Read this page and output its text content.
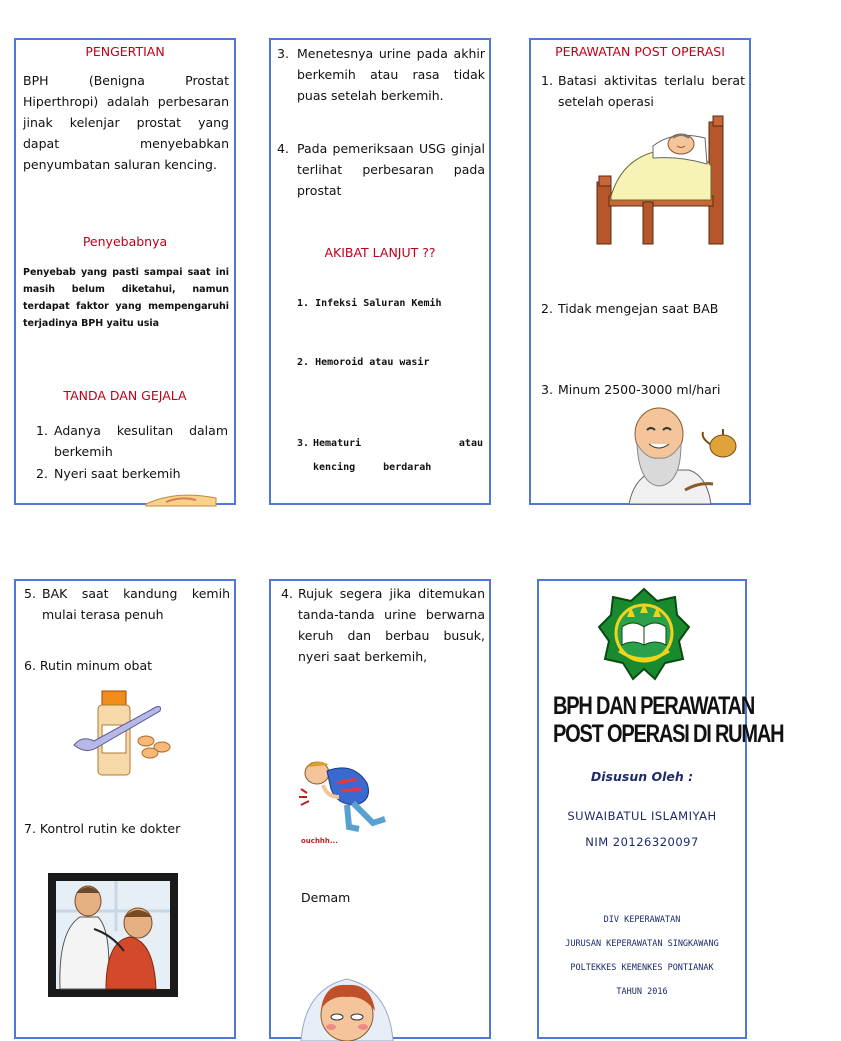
PENGERTIAN
BPH (Benigna Prostat Hiperthropi) adalah perbesaran jinak kelenjar prostat yang dapat menyebabkan penyumbatan saluran kencing.
Penyebabnya
Penyebab yang pasti sampai saat ini masih belum diketahui, namun terdapat faktor yang mempengaruhi terjadinya BPH yaitu usia
TANDA DAN GEJALA
1. Adanya kesulitan dalam berkemih
2. Nyeri saat berkemih
3. Menetesnya urine pada akhir berkemih atau rasa tidak puas setelah berkemih.
4. Pada pemeriksaan USG ginjal terlihat perbesaran pada prostat
AKIBAT LANJUT ??
1. Infeksi Saluran Kemih
2. Hemoroid atau wasir
3. Hematuri atau kencing berdarah
PERAWATAN POST OPERASI
1. Batasi aktivitas terlalu berat setelah operasi
2. Tidak mengejan saat BAB
3. Minum 2500-3000 ml/hari
5. BAK saat kandung kemih mulai terasa penuh
6. Rutin minum obat
7. Kontrol rutin ke dokter
4. Rujuk segera jika ditemukan tanda-tanda urine berwarna keruh dan berbau busuk, nyeri saat berkemih,
ouchhh...
Demam
BPH DAN PERAWATAN
POST OPERASI DI RUMAH
Disusun Oleh :
SUWAIBATUL ISLAMIYAH
NIM 20126320097
DIV KEPERAWATAN
JURUSAN KEPERAWATAN SINGKAWANG
POLTEKKES KEMENKES PONTIANAK
TAHUN 2016
